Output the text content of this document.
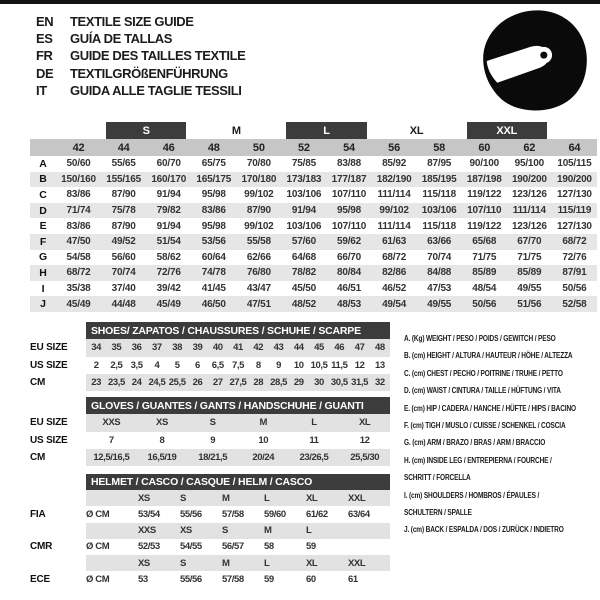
EN	TEXTILE SIZE GUIDE
ES	GUÍA DE TALLAS
FR	GUIDE DES TAILLES TEXTILE
DE	TEXTILGRÖßENFÜHRUNG
IT	GUIDA ALLE TAGLIE TESSILI
		S		M		L		XL		XXL		
	42	44	46	48	50	52	54	56	58	60	62	64
A	50/60	55/65	60/70	65/75	70/80	75/85	83/88	85/92	87/95	90/100	95/100	105/115
B	150/160	155/165	160/170	165/175	170/180	173/183	177/187	182/190	185/195	187/198	190/200	190/200
C	83/86	87/90	91/94	95/98	99/102	103/106	107/110	111/114	115/118	119/122	123/126	127/130
D	71/74	75/78	79/82	83/86	87/90	91/94	95/98	99/102	103/106	107/110	111/114	115/119
E	83/86	87/90	91/94	95/98	99/102	103/106	107/110	111/114	115/118	119/122	123/126	127/130
F	47/50	49/52	51/54	53/56	55/58	57/60	59/62	61/63	63/66	65/68	67/70	68/72
G	54/58	56/60	58/62	60/64	62/66	64/68	66/70	68/72	70/74	71/75	71/75	72/76
H	68/72	70/74	72/76	74/78	76/80	78/82	80/84	82/86	84/88	85/89	85/89	87/91
I	35/38	37/40	39/42	41/45	43/47	45/50	46/51	46/52	47/53	48/54	49/55	50/56
J	45/49	44/48	45/49	46/50	47/51	48/52	48/53	49/54	49/55	50/56	51/56	52/58
	SHOES/ ZAPATOS / CHAUSSURES / SCHUHE / SCARPE														
EU SIZE	34	35	36	37	38	39	40	41	42	43	44	45	46	47	48
US SIZE	2	2,5	3,5	4	5	6	6,5	7,5	8	9	10	10,5	11,5	12	13
CM	23	23,5	24	24,5	25,5	26	27	27,5	28	28,5	29	30	30,5	31,5	32
	GLOVES / GUANTES / GANTS / HANDSCHUHE / GUANTI					
EU SIZE	XXS	XS	S	M	L	XL
US SIZE	7	8	9	10	11	12
CM	12,5/16,5	16,5/19	18/21,5	20/24	23/26,5	25,5/30
	HELMET / CASCO / CASQUE / HELM / CASCO						
		XS	S	M	L	XL	XXL
FIA	Ø CM	53/54	55/56	57/58	59/60	61/62	63/64
		XXS	XS	S	M	L	
CMR	Ø CM	52/53	54/55	56/57	58	59	
		XS	S	M	L	XL	XXL
ECE	Ø CM	53	55/56	57/58	59	60	61
A. (Kg) WEIGHT / PESO / POIDS / GEWITCH / PESO
B. (cm) HEIGHT / ALTURA / HAUTEUR / HÖHE / ALTEZZA
C. (cm) CHEST / PECHO / POITRINE / TRUHE / PETTO
D. (cm) WAIST / CINTURA / TAILLE / HÜFTUNG / VITA
E. (cm) HIP / CADERA / HANCHE / HÜFTE / HIPS / BACINO
F. (cm) TIGH / MUSLO / CUISSE / SCHENKEL / COSCIA
G. (cm) ARM / BRAZO / BRAS / ARM / BRACCIO
H. (cm) INSIDE LEG / ENTREPIERNA / FOURCHE /
SCHRITT / FORCELLA
I. (cm) SHOULDERS / HOMBROS / ÉPAULES /
SCHULTERN / SPALLE
J. (cm) BACK / ESPALDA / DOS / ZURÜCK / INDIETRO
